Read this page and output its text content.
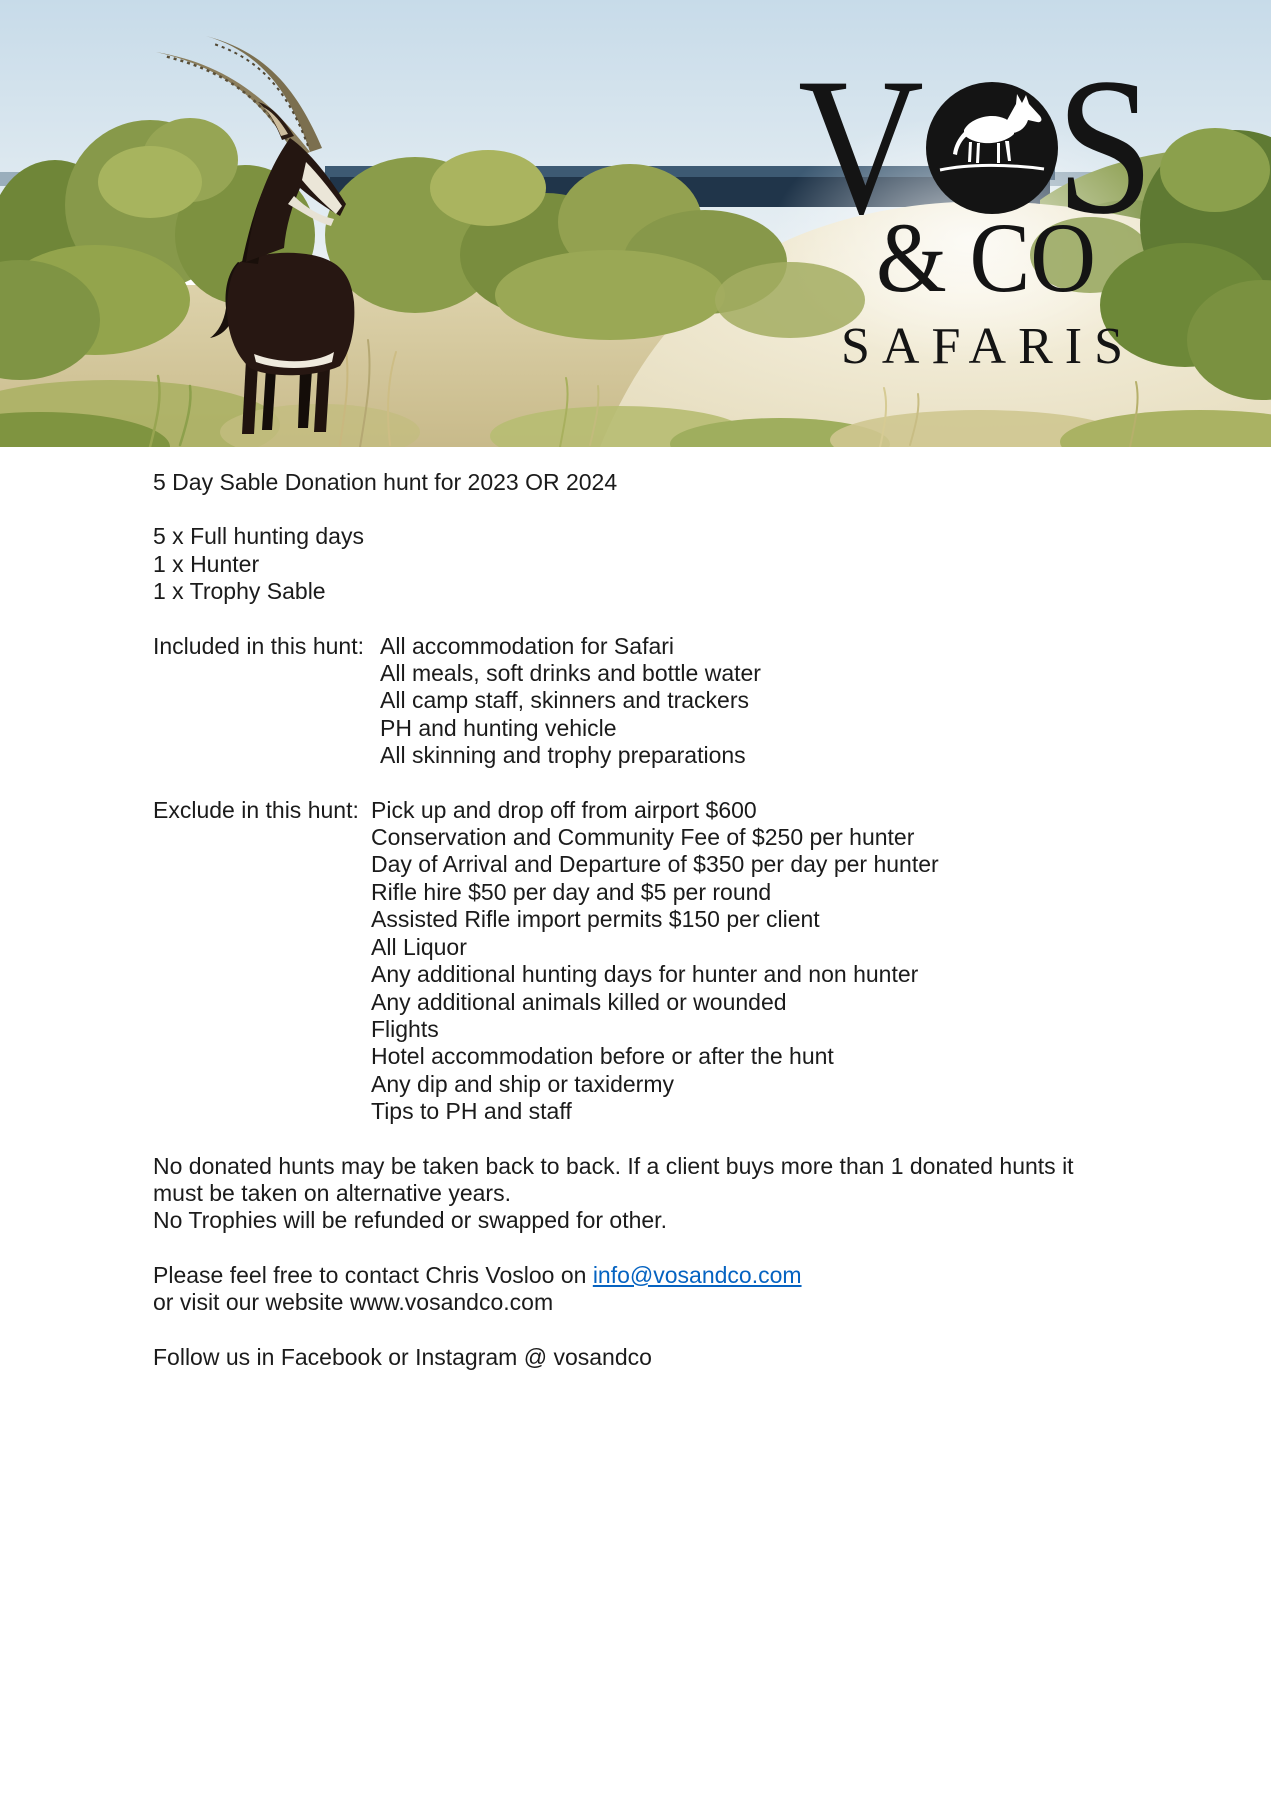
V S
& CO
SAFARIS

5 Day Sable Donation hunt for 2023 OR 2024

5 x Full hunting days

1 x Hunter

1 x Trophy Sable

Included in this hunt: All accommodation for Safari

All meals, soft drinks and bottle water

All camp staff, skinners and trackers

PH and hunting vehicle

All skinning and trophy preparations

Exclude in this hunt: Pick up and drop off from airport $600

Conservation and Community Fee of $250 per hunter

Day of Arrival and Departure of $350 per day per hunter

Rifle hire $50 per day and $5 per round

Assisted Rifle import permits $150 per client

All Liquor

Any additional hunting days for hunter and non hunter

Any additional animals killed or wounded

Flights

Hotel accommodation before or after the hunt

Any dip and ship or taxidermy

Tips to PH and staff

No donated hunts may be taken back to back. If a client buys more than 1 donated hunts it must be taken on alternative years.

No Trophies will be refunded or swapped for other.

Please feel free to contact Chris Vosloo on info@vosandco.com

or visit our website www.vosandco.com

Follow us in Facebook or Instagram @ vosandco
